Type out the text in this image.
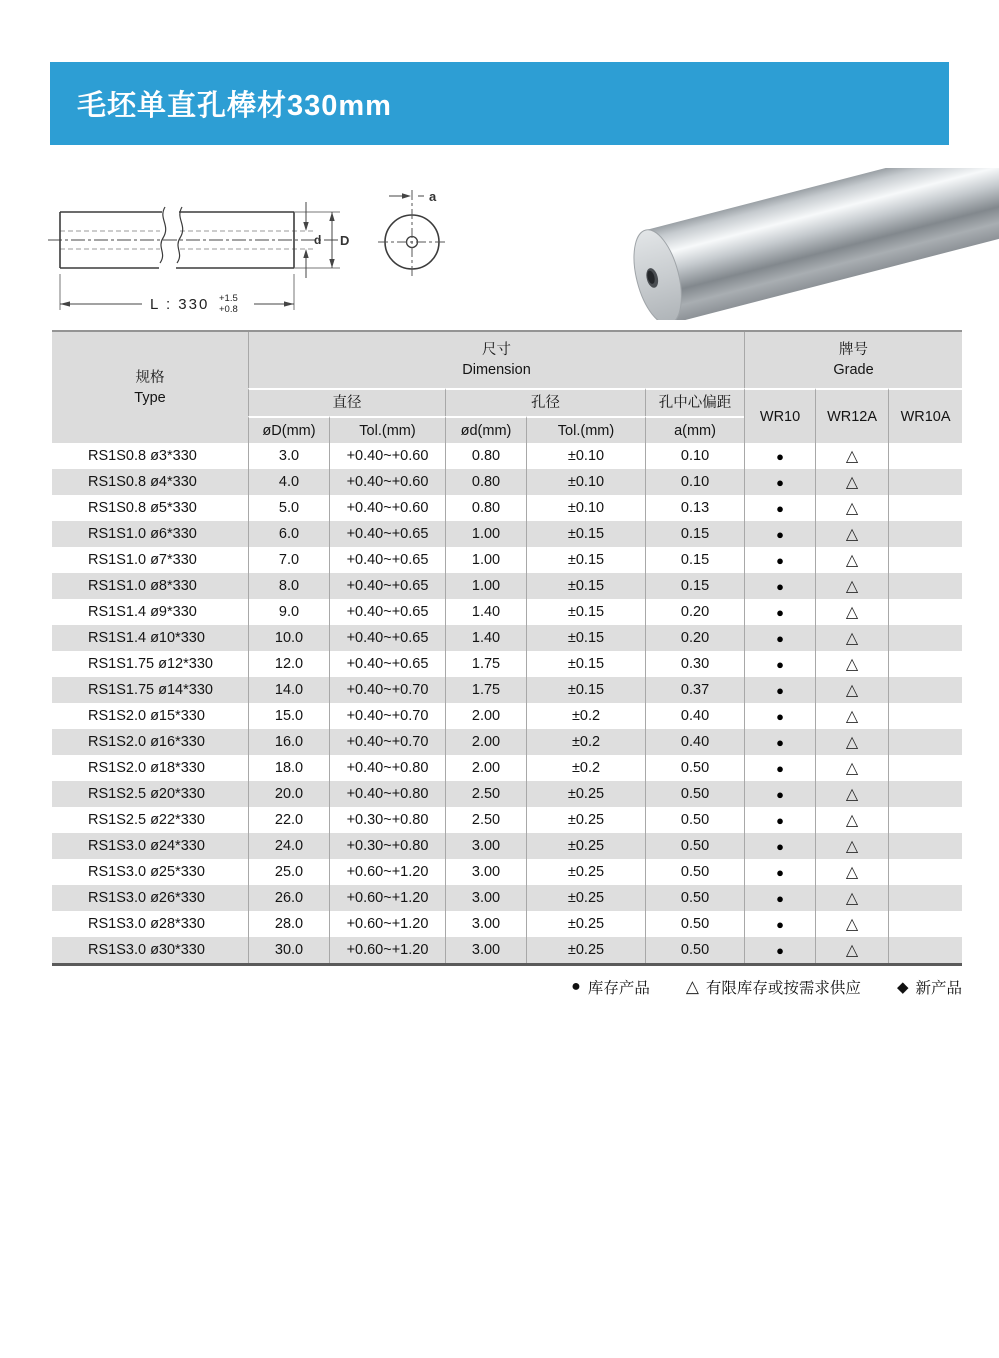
毛坯单直孔棒材330mm
d D
a
L : 330 +1.5
+0.8
规格
Type	尺寸
Dimension					牌号
Grade		
	直径		孔径		孔中心偏距	WR10	WR12A	WR10A
	øD(mm)	Tol.(mm)	ød(mm)	Tol.(mm)	a(mm)			
RS1S0.8 ø3*330	3.0	+0.40~+0.60	0.80	±0.10	0.10	●	△	
RS1S0.8 ø4*330	4.0	+0.40~+0.60	0.80	±0.10	0.10	●	△	
RS1S0.8 ø5*330	5.0	+0.40~+0.60	0.80	±0.10	0.13	●	△	
RS1S1.0 ø6*330	6.0	+0.40~+0.65	1.00	±0.15	0.15	●	△	
RS1S1.0 ø7*330	7.0	+0.40~+0.65	1.00	±0.15	0.15	●	△	
RS1S1.0 ø8*330	8.0	+0.40~+0.65	1.00	±0.15	0.15	●	△	
RS1S1.4 ø9*330	9.0	+0.40~+0.65	1.40	±0.15	0.20	●	△	
RS1S1.4 ø10*330	10.0	+0.40~+0.65	1.40	±0.15	0.20	●	△	
RS1S1.75 ø12*330	12.0	+0.40~+0.65	1.75	±0.15	0.30	●	△	
RS1S1.75 ø14*330	14.0	+0.40~+0.70	1.75	±0.15	0.37	●	△	
RS1S2.0 ø15*330	15.0	+0.40~+0.70	2.00	±0.2	0.40	●	△	
RS1S2.0 ø16*330	16.0	+0.40~+0.70	2.00	±0.2	0.40	●	△	
RS1S2.0 ø18*330	18.0	+0.40~+0.80	2.00	±0.2	0.50	●	△	
RS1S2.5 ø20*330	20.0	+0.40~+0.80	2.50	±0.25	0.50	●	△	
RS1S2.5 ø22*330	22.0	+0.30~+0.80	2.50	±0.25	0.50	●	△	
RS1S3.0 ø24*330	24.0	+0.30~+0.80	3.00	±0.25	0.50	●	△	
RS1S3.0 ø25*330	25.0	+0.60~+1.20	3.00	±0.25	0.50	●	△	
RS1S3.0 ø26*330	26.0	+0.60~+1.20	3.00	±0.25	0.50	●	△	
RS1S3.0 ø28*330	28.0	+0.60~+1.20	3.00	±0.25	0.50	●	△	
RS1S3.0 ø30*330	30.0	+0.60~+1.20	3.00	±0.25	0.50	●	△	
● 库存产品 △ 有限库存或按需求供应 ◆ 新产品
